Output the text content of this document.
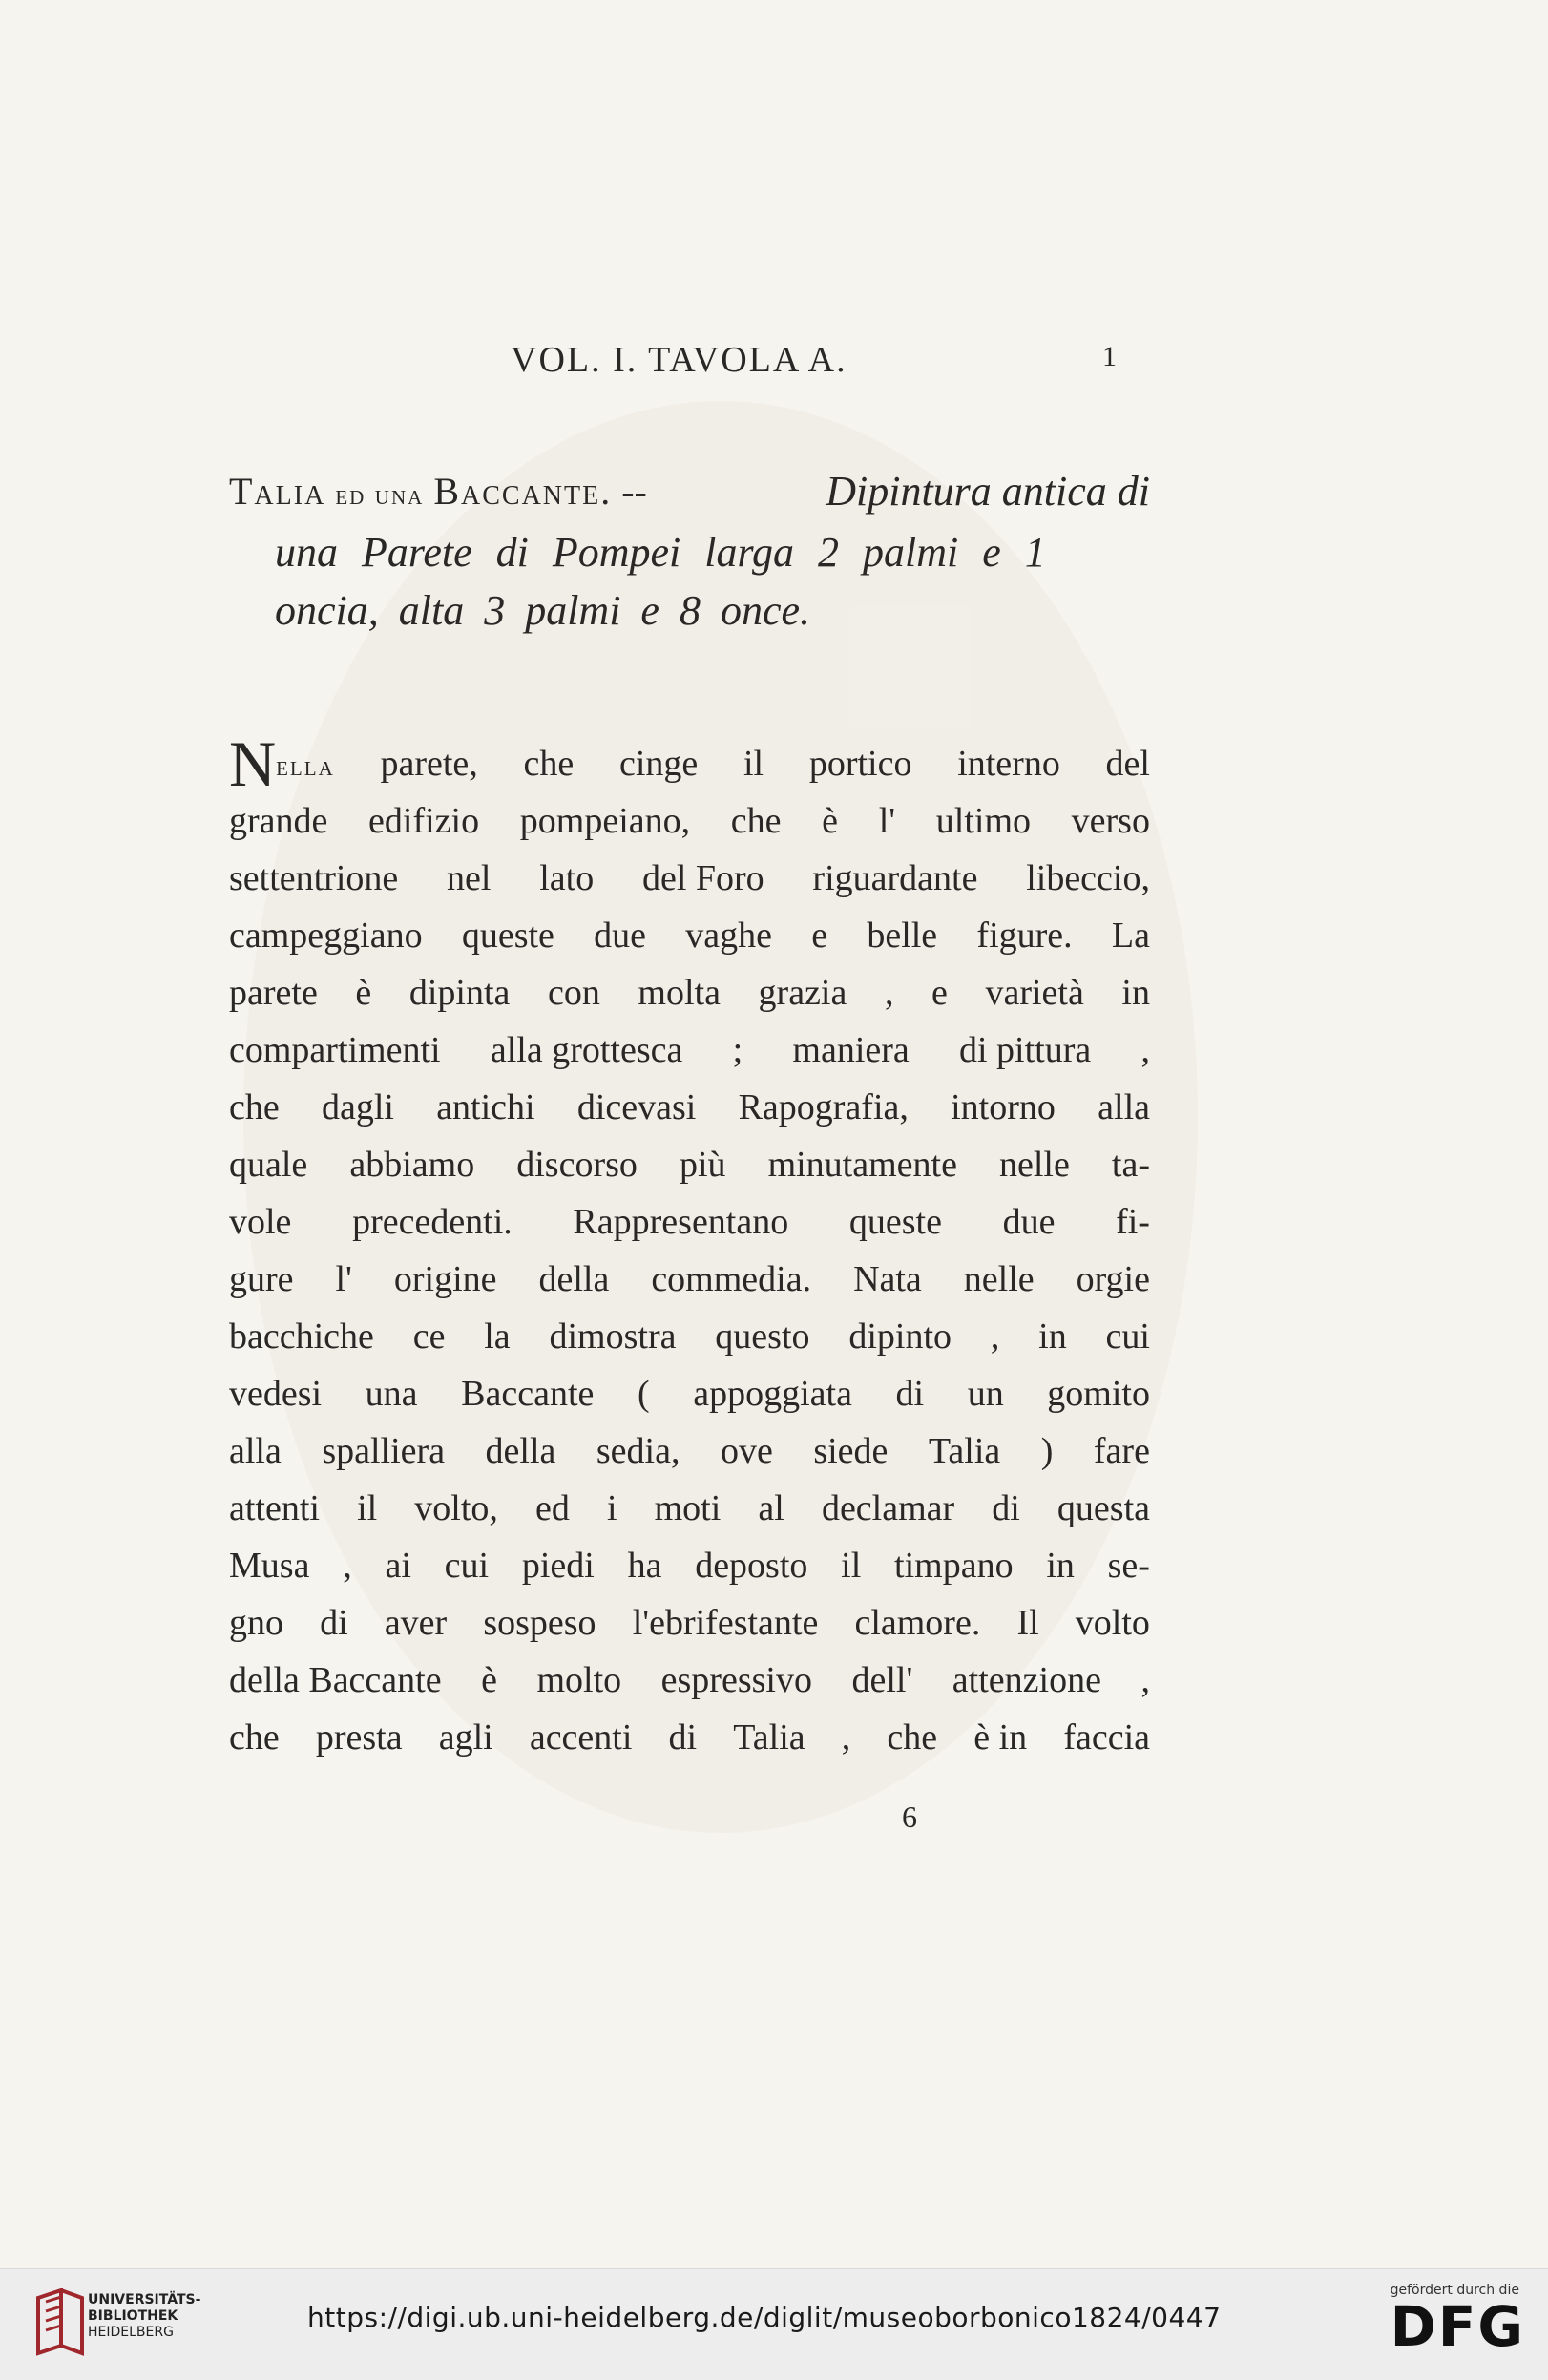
VOL. I. TAVOLA A.	1
Talia ed una Baccante. --	Dipintura antica di
una Parete di Pompei larga 2 palmi e 1
oncia, alta 3 palmi e 8 once.
Nella parete, che cinge il portico interno del
grande edifizio pompeiano, che è l' ultimo verso
settentrione nel lato del Foro riguardante libeccio,
campeggiano queste due vaghe e belle figure. La
parete è dipinta con molta grazia , e varietà in
compartimenti alla grottesca ; maniera di pittura ,
che dagli antichi dicevasi Rapografia, intorno alla
quale abbiamo discorso più minutamente nelle ta-
vole precedenti. Rappresentano queste due fi-
gure l' origine della commedia. Nata nelle orgie
bacchiche ce la dimostra questo dipinto , in cui
vedesi una Baccante ( appoggiata di un gomito
alla spalliera della sedia, ove siede Talia ) fare
attenti il volto, ed i moti al declamar di questa
Musa , ai cui piedi ha deposto il timpano in se-
gno di aver sospeso l'ebrifestante clamore. Il volto
della Baccante è molto espressivo dell' attenzione ,
che presta agli accenti di Talia , che è in faccia
6
UNIVERSITÄTS-
BIBLIOTHEK
HEIDELBERG	https://digi.ub.uni-heidelberg.de/diglit/museoborbonico1824/0447
gefördert durch die
DFG
